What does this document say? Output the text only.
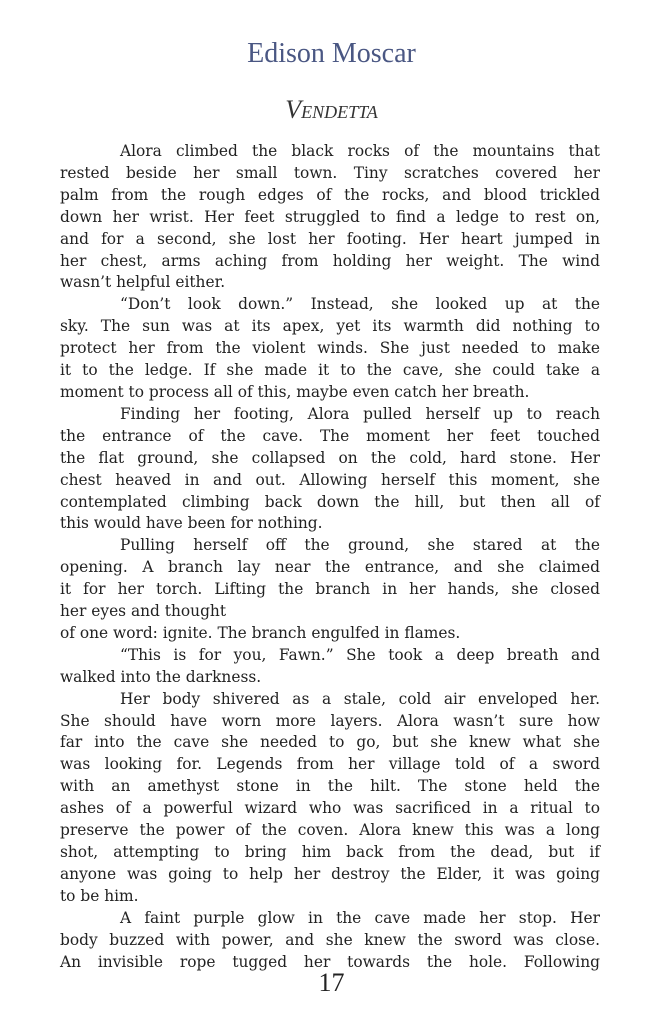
Edison Moscar
Vendetta
Alora climbed the black rocks of the mountains that
rested beside her small town. Tiny scratches covered her
palm from the rough edges of the rocks, and blood trickled
down her wrist. Her feet struggled to find a ledge to rest on,
and for a second, she lost her footing. Her heart jumped in
her chest, arms aching from holding her weight. The wind
wasn’t helpful either.
“Don’t look down.” Instead, she looked up at the
sky. The sun was at its apex, yet its warmth did nothing to
protect her from the violent winds. She just needed to make
it to the ledge. If she made it to the cave, she could take a
moment to process all of this, maybe even catch her breath.
Finding her footing, Alora pulled herself up to reach
the entrance of the cave. The moment her feet touched
the flat ground, she collapsed on the cold, hard stone. Her
chest heaved in and out. Allowing herself this moment, she
contemplated climbing back down the hill, but then all of
this would have been for nothing.
Pulling herself off the ground, she stared at the
opening. A branch lay near the entrance, and she claimed
it for her torch. Lifting the branch in her hands, she closed
her eyes and thought
of one word: ignite. The branch engulfed in flames.
“This is for you, Fawn.” She took a deep breath and
walked into the darkness.
Her body shivered as a stale, cold air enveloped her.
She should have worn more layers. Alora wasn’t sure how
far into the cave she needed to go, but she knew what she
was looking for. Legends from her village told of a sword
with an amethyst stone in the hilt. The stone held the
ashes of a powerful wizard who was sacrificed in a ritual to
preserve the power of the coven. Alora knew this was a long
shot, attempting to bring him back from the dead, but if
anyone was going to help her destroy the Elder, it was going
to be him.
A faint purple glow in the cave made her stop. Her
body buzzed with power, and she knew the sword was close.
An invisible rope tugged her towards the hole. Following
17
